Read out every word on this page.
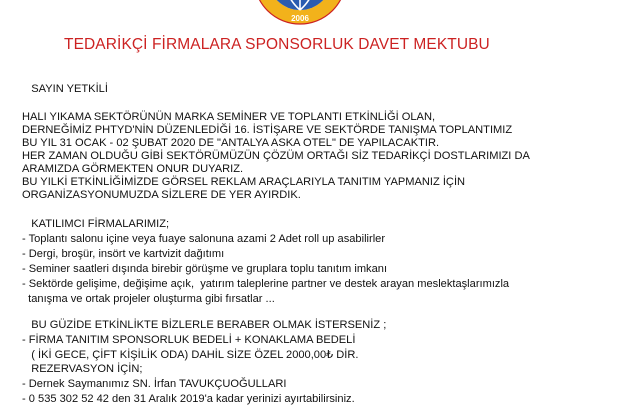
2006
TEDARİKÇİ FİRMALARA SPONSORLUK DAVET MEKTUBU
SAYIN YETKİLİ
HALI YIKAMA SEKTÖRÜNÜN MARKA SEMİNER VE TOPLANTI ETKİNLİĞİ OLAN,
DERNEĞİMİZ PHTYD'NİN DÜZENLEDİĞİ 16. İSTİŞARE VE SEKTÖRDE TANIŞMA TOPLANTIMIZ
BU YIL 31 OCAK - 02 ŞUBAT 2020 DE "ANTALYA ASKA OTEL" DE YAPILACAKTIR.
HER ZAMAN OLDUĞU GİBİ SEKTÖRÜMÜZÜN ÇÖZÜM ORTAĞI SİZ TEDARİKÇİ DOSTLARIMIZI DA
ARAMIZDA GÖRMEKTEN ONUR DUYARIZ.
BU YILKİ ETKİNLİĞİMİZDE GÖRSEL REKLAM ARAÇLARIYLA TANITIM YAPMANIZ İÇİN
ORGANİZASYONUMUZDA SİZLERE DE YER AYIRDIK.
KATILIMCI FİRMALARIMIZ;
- Toplantı salonu içine veya fuaye salonuna azami 2 Adet roll up asabilirler
- Dergi, broşür, insört ve kartvizit dağıtımı
- Seminer saatleri dışında birebir görüşme ve gruplara toplu tanıtım imkanı
- Sektörde gelişime, değişime açık,  yatırım taleplerine partner ve destek arayan meslektaşlarımızla
tanışma ve ortak projeler oluşturma gibi fırsatlar ...
BU GÜZİDE ETKİNLİKTE BİZLERLE BERABER OLMAK İSTERSENİZ ;
- FİRMA TANITIM SPONSORLUK BEDELİ + KONAKLAMA BEDELİ
( İKİ GECE, ÇİFT KİŞİLİK ODA) DAHİL SİZE ÖZEL 2000,00₺ DİR.
REZERVASYON İÇİN;
- Dernek Saymanımız SN. İrfan TAVUKÇUOĞULLARI
- 0 535 302 52 42 den 31 Aralık 2019'a kadar yerinizi ayırtabilirsiniz.
